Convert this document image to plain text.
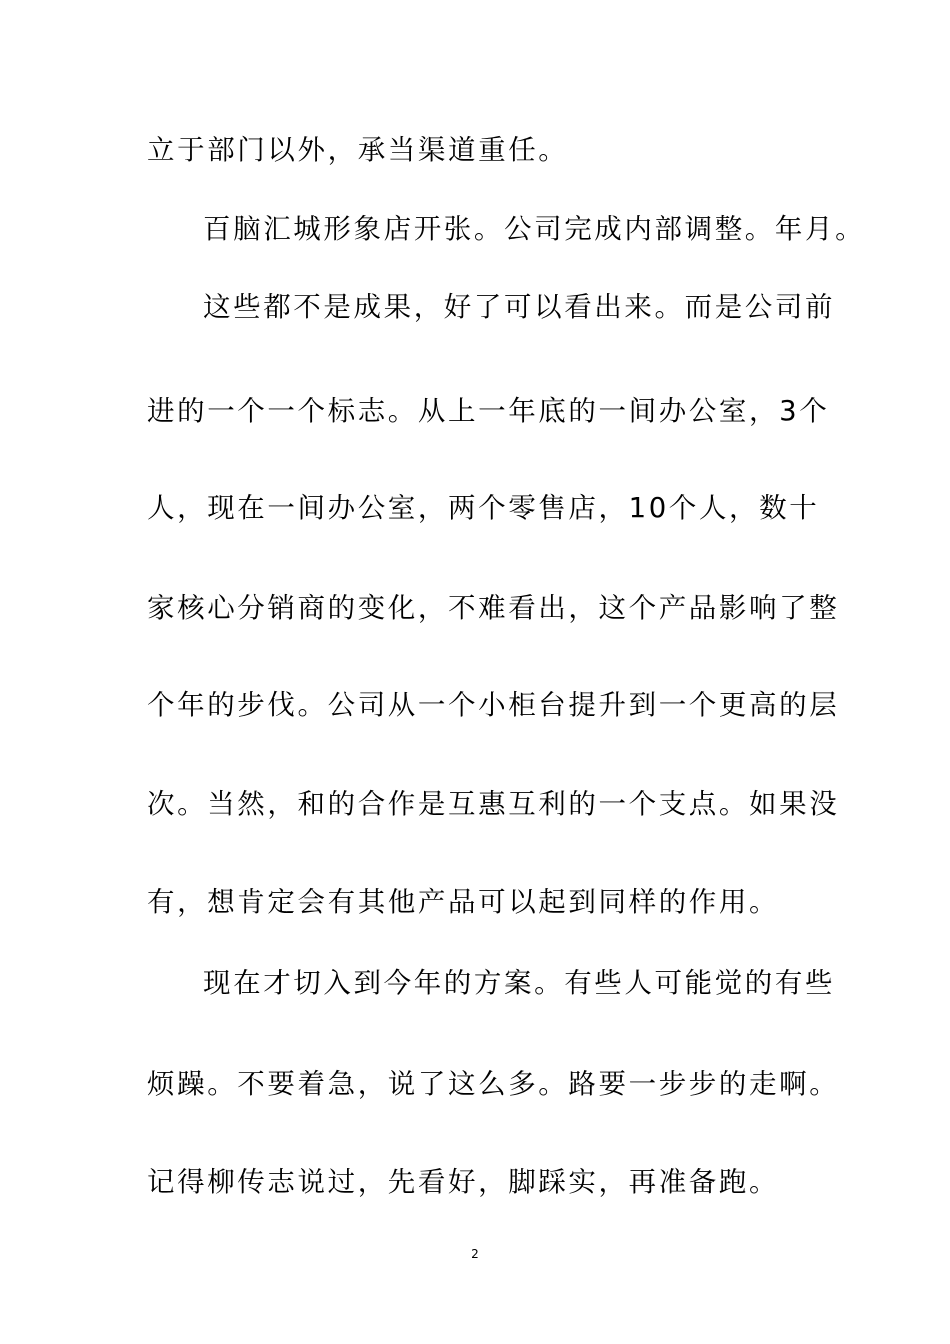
立于部门以外，承当渠道重任。
百脑汇城形象店开张。公司完成内部调整。年月。
这些都不是成果，好了可以看出来。而是公司前
进的一个一个标志。从上一年底的一间办公室，3个
人，现在一间办公室，两个零售店，10个人，数十
家核心分销商的变化，不难看出，这个产品影响了整
个年的步伐。公司从一个小柜台提升到一个更高的层
次。当然，和的合作是互惠互利的一个支点。如果没
有，想肯定会有其他产品可以起到同样的作用。
现在才切入到今年的方案。有些人可能觉的有些
烦躁。不要着急，说了这么多。路要一步步的走啊。
记得柳传志说过，先看好，脚踩实，再准备跑。
2
